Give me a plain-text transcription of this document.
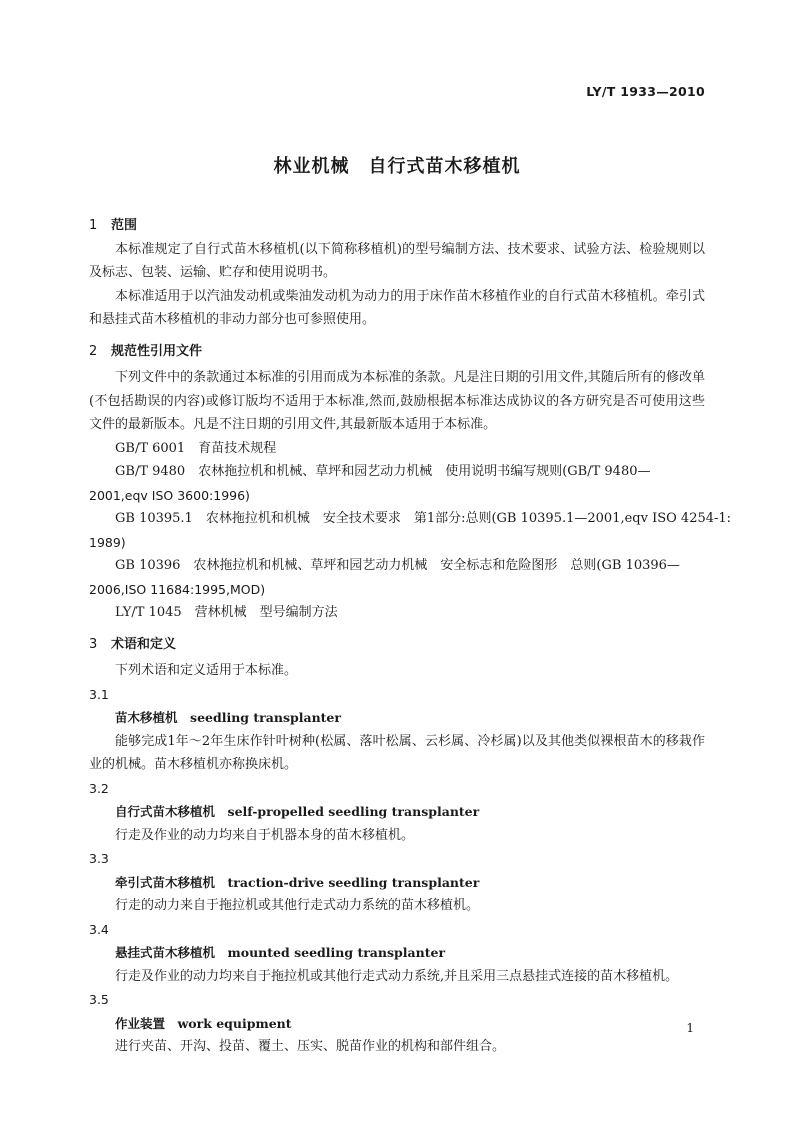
LY/T 1933—2010
林业机械　自行式苗木移植机
1 范围

本标准规定了自行式苗木移植机(以下简称移植机)的型号编制方法、技术要求、试验方法、检验规则以及标志、包装、运输、贮存和使用说明书。

本标准适用于以汽油发动机或柴油发动机为动力的用于床作苗木移植作业的自行式苗木移植机。牵引式和悬挂式苗木移植机的非动力部分也可参照使用。

2 规范性引用文件

下列文件中的条款通过本标准的引用而成为本标准的条款。凡是注日期的引用文件,其随后所有的修改单(不包括勘误的内容)或修订版均不适用于本标准,然而,鼓励根据本标准达成协议的各方研究是否可使用这些文件的最新版本。凡是不注日期的引用文件,其最新版本适用于本标准。

GB/T 6001　育苗技术规程

GB/T 9480　农林拖拉机和机械、草坪和园艺动力机械　使用说明书编写规则(GB/T 9480—

2001,eqv ISO 3600:1996)

GB 10395.1　农林拖拉机和机械　安全技术要求　第1部分:总则(GB 10395.1—2001,eqv ISO 4254-1:

1989)

GB 10396　农林拖拉机和机械、草坪和园艺动力机械　安全标志和危险图形　总则(GB 10396—

2006,ISO 11684:1995,MOD)

LY/T 1045　营林机械　型号编制方法

3 术语和定义

下列术语和定义适用于本标准。

3.1

苗木移植机　 seedling transplanter

能够完成1年～2年生床作针叶树种(松属、落叶松属、云杉属、冷杉属)以及其他类似裸根苗木的移栽作业的机械。苗木移植机亦称换床机。

3.2

自行式苗木移植机　 self-propelled seedling transplanter

行走及作业的动力均来自于机器本身的苗木移植机。

3.3

牵引式苗木移植机　 traction-drive seedling transplanter

行走的动力来自于拖拉机或其他行走式动力系统的苗木移植机。

3.4

悬挂式苗木移植机　 mounted seedling transplanter

行走及作业的动力均来自于拖拉机或其他行走式动力系统,并且采用三点悬挂式连接的苗木移植机。

3.5

作业装置　 work equipment

进行夹苗、开沟、投苗、覆土、压实、脱苗作业的机构和部件组合。

1
